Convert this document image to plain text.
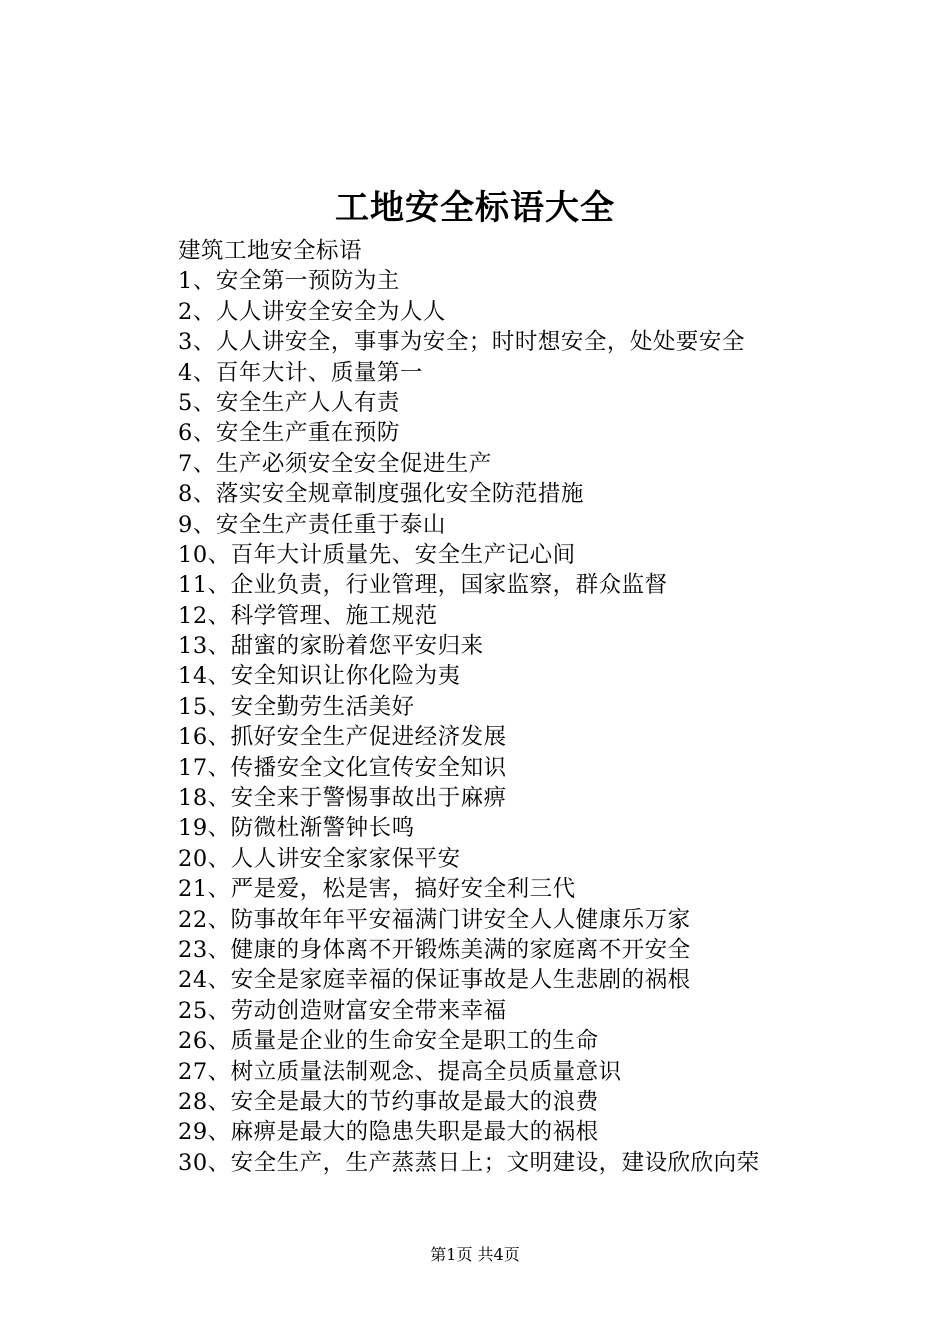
工地安全标语大全
建筑工地安全标语
1、安全第一预防为主
2、人人讲安全安全为人人
3、人人讲安全，事事为安全；时时想安全，处处要安全
4、百年大计、质量第一
5、安全生产人人有责
6、安全生产重在预防
7、生产必须安全安全促进生产
8、落实安全规章制度强化安全防范措施
9、安全生产责任重于泰山
10、百年大计质量先、安全生产记心间
11、企业负责，行业管理，国家监察，群众监督
12、科学管理、施工规范
13、甜蜜的家盼着您平安归来
14、安全知识让你化险为夷
15、安全勤劳生活美好
16、抓好安全生产促进经济发展
17、传播安全文化宣传安全知识
18、安全来于警惕事故出于麻痹
19、防微杜渐警钟长鸣
20、人人讲安全家家保平安
21、严是爱，松是害，搞好安全利三代
22、防事故年年平安福满门讲安全人人健康乐万家
23、健康的身体离不开锻炼美满的家庭离不开安全
24、安全是家庭幸福的保证事故是人生悲剧的祸根
25、劳动创造财富安全带来幸福
26、质量是企业的生命安全是职工的生命
27、树立质量法制观念、提高全员质量意识
28、安全是最大的节约事故是最大的浪费
29、麻痹是最大的隐患失职是最大的祸根
30、安全生产，生产蒸蒸日上；文明建设，建设欣欣向荣
第1页 共4页
